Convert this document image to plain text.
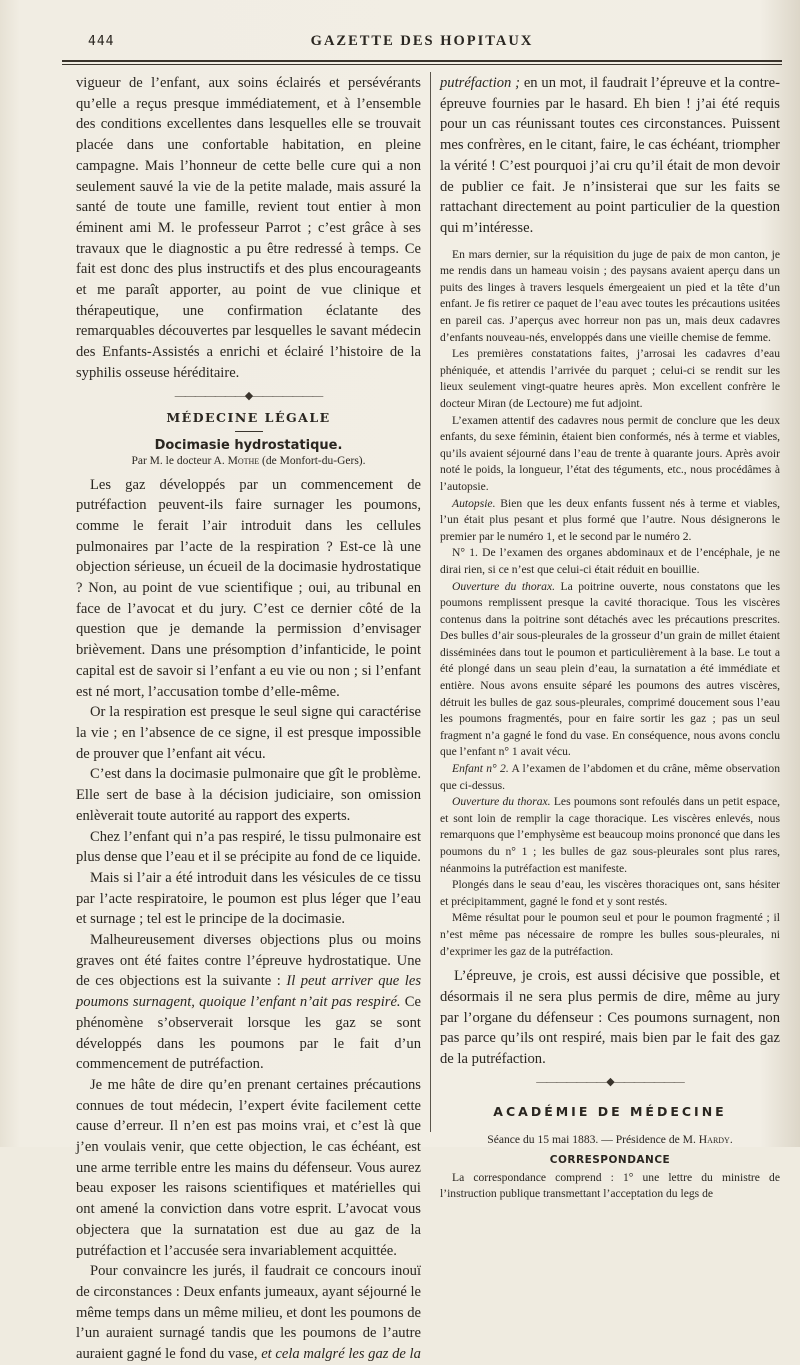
444	GAZETTE DES HOPITAUX

vigueur de l’enfant, aux soins éclairés et persévérants qu’elle a reçus presque immédiatement, et à l’ensemble des conditions excellentes dans lesquelles elle se trouvait placée dans une confortable habitation, en pleine campagne. Mais l’honneur de cette belle cure qui a non seulement sauvé la vie de la petite malade, mais assuré la santé de toute une famille, revient tout entier à mon éminent ami M. le professeur Parrot ; c’est grâce à ses travaux que le diagnostic a pu être redressé à temps. Ce fait est donc des plus instructifs et des plus encourageants et me paraît apporter, au point de vue clinique et thérapeutique, une confirmation éclatante des remarquables découvertes par lesquelles le savant médecin des Enfants-Assistés a enrichi et éclairé l’histoire de la syphilis osseuse héréditaire.

———————◆———————
MÉDECINE LÉGALE
Docimasie hydrostatique.
Par M. le docteur A. Mothe (de Monfort-du-Gers).

Les gaz développés par un commencement de putréfaction peuvent-ils faire surnager les poumons, comme le ferait l’air introduit dans les cellules pulmonaires par l’acte de la respiration ? Est-ce là une objection sérieuse, un écueil de la docimasie hydrostatique ? Non, au point de vue scientifique ; oui, au tribunal en face de l’avocat et du jury. C’est ce dernier côté de la question que je demande la permission d’envisager brièvement. Dans une présomption d’infanticide, le point capital est de savoir si l’enfant a eu vie ou non ; si l’enfant est né mort, l’accusation tombe d’elle-même.

Or la respiration est presque le seul signe qui caractérise la vie ; en l’absence de ce signe, il est presque impossible de prouver que l’enfant ait vécu.

C’est dans la docimasie pulmonaire que gît le problème. Elle sert de base à la décision judiciaire, son omission enlèverait toute autorité au rapport des experts.

Chez l’enfant qui n’a pas respiré, le tissu pulmonaire est plus dense que l’eau et il se précipite au fond de ce liquide.

Mais si l’air a été introduit dans les vésicules de ce tissu par l’acte respiratoire, le poumon est plus léger que l’eau et surnage ; tel est le principe de la docimasie.

Malheureusement diverses objections plus ou moins graves ont été faites contre l’épreuve hydrostatique. Une de ces objections est la suivante : Il peut arriver que les poumons surnagent, quoique l’enfant n’ait pas respiré. Ce phénomène s’observerait lorsque les gaz se sont développés dans les poumons par le fait d’un commencement de putréfaction.

Je me hâte de dire qu’en prenant certaines précautions connues de tout médecin, l’expert évite facilement cette cause d’erreur. Il n’en est pas moins vrai, et c’est là que j’en voulais venir, que cette objection, le cas échéant, est une arme terrible entre les mains du défenseur. Vous aurez beau exposer les raisons scientifiques et matérielles qui ont amené la conviction dans votre esprit. L’avocat vous objectera que la surnatation est due au gaz de la putréfaction et l’accusée sera invariablement acquittée.

Pour convaincre les jurés, il faudrait ce concours inouï de circonstances : Deux enfants jumeaux, ayant séjourné le même temps dans un même milieu, et dont les poumons de l’un auraient surnagé tandis que les poumons de l’autre auraient gagné le fond du vase, et cela malgré les gaz de la

putréfaction ; en un mot, il faudrait l’épreuve et la contre-épreuve fournies par le hasard. Eh bien ! j’ai été requis pour un cas réunissant toutes ces circonstances. Puissent mes confrères, en le citant, faire, le cas échéant, triompher la vérité ! C’est pourquoi j’ai cru qu’il était de mon devoir de publier ce fait. Je n’insisterai que sur les faits se rattachant directement au point particulier de la question qui m’intéresse.

En mars dernier, sur la réquisition du juge de paix de mon canton, je me rendis dans un hameau voisin ; des paysans avaient aperçu dans un puits des linges à travers lesquels émergeaient un pied et la tête d’un enfant. Je fis retirer ce paquet de l’eau avec toutes les précautions usitées en pareil cas. J’aperçus avec horreur non pas un, mais deux cadavres d’enfants nouveau-nés, enveloppés dans une vieille chemise de femme.

Les premières constatations faites, j’arrosai les cadavres d’eau phéniquée, et attendis l’arrivée du parquet ; celui-ci se rendit sur les lieux seulement vingt-quatre heures après. Mon excellent confrère le docteur Miran (de Lectoure) me fut adjoint.

L’examen attentif des cadavres nous permit de conclure que les deux enfants, du sexe féminin, étaient bien conformés, nés à terme et viables, qu’ils avaient séjourné dans l’eau de trente à quarante jours. Après avoir noté le poids, la longueur, l’état des téguments, etc., nous procédâmes à l’autopsie.

Autopsie. Bien que les deux enfants fussent nés à terme et viables, l’un était plus pesant et plus formé que l’autre. Nous désignerons le premier par le numéro 1, et le second par le numéro 2.

N° 1. De l’examen des organes abdominaux et de l’encéphale, je ne dirai rien, si ce n’est que celui-ci était réduit en bouillie.

Ouverture du thorax. La poitrine ouverte, nous constatons que les poumons remplissent presque la cavité thoracique. Tous les viscères contenus dans la poitrine sont détachés avec les précautions prescrites. Des bulles d’air sous-pleurales de la grosseur d’un grain de millet étaient disséminées dans tout le poumon et particulièrement à la base. Le tout a été plongé dans un seau plein d’eau, la surnatation a été immédiate et entière. Nous avons ensuite séparé les poumons des autres viscères, détruit les bulles de gaz sous-pleurales, comprimé doucement sous l’eau les poumons fragmentés, pour en faire sortir les gaz ; pas un seul fragment n’a gagné le fond du vase. En conséquence, nous avons conclu que l’enfant n° 1 avait vécu.

Enfant n° 2. A l’examen de l’abdomen et du crâne, même observation que ci-dessus.

Ouverture du thorax. Les poumons sont refoulés dans un petit espace, et sont loin de remplir la cage thoracique. Les viscères enlevés, nous remarquons que l’emphysème est beaucoup moins prononcé que dans les poumons du n° 1 ; les bulles de gaz sous-pleurales sont plus rares, néanmoins la putréfaction est manifeste.

Plongés dans le seau d’eau, les viscères thoraciques ont, sans hésiter et précipitamment, gagné le fond et y sont restés.

Même résultat pour le poumon seul et pour le poumon fragmenté ; il n’est même pas nécessaire de rompre les bulles sous-pleurales, ni d’exprimer les gaz de la putréfaction.

L’épreuve, je crois, est aussi décisive que possible, et désormais il ne sera plus permis de dire, même au jury par l’organe du défenseur : Ces poumons surnagent, non pas parce qu’ils ont respiré, mais bien par le fait des gaz de la putréfaction.

———————◆———————
ACADÉMIE DE MÉDECINE
Séance du 15 mai 1883. — Présidence de M. Hardy.
CORRESPONDANCE

La correspondance comprend : 1° une lettre du ministre de l’instruction publique transmettant l’acceptation du legs de
